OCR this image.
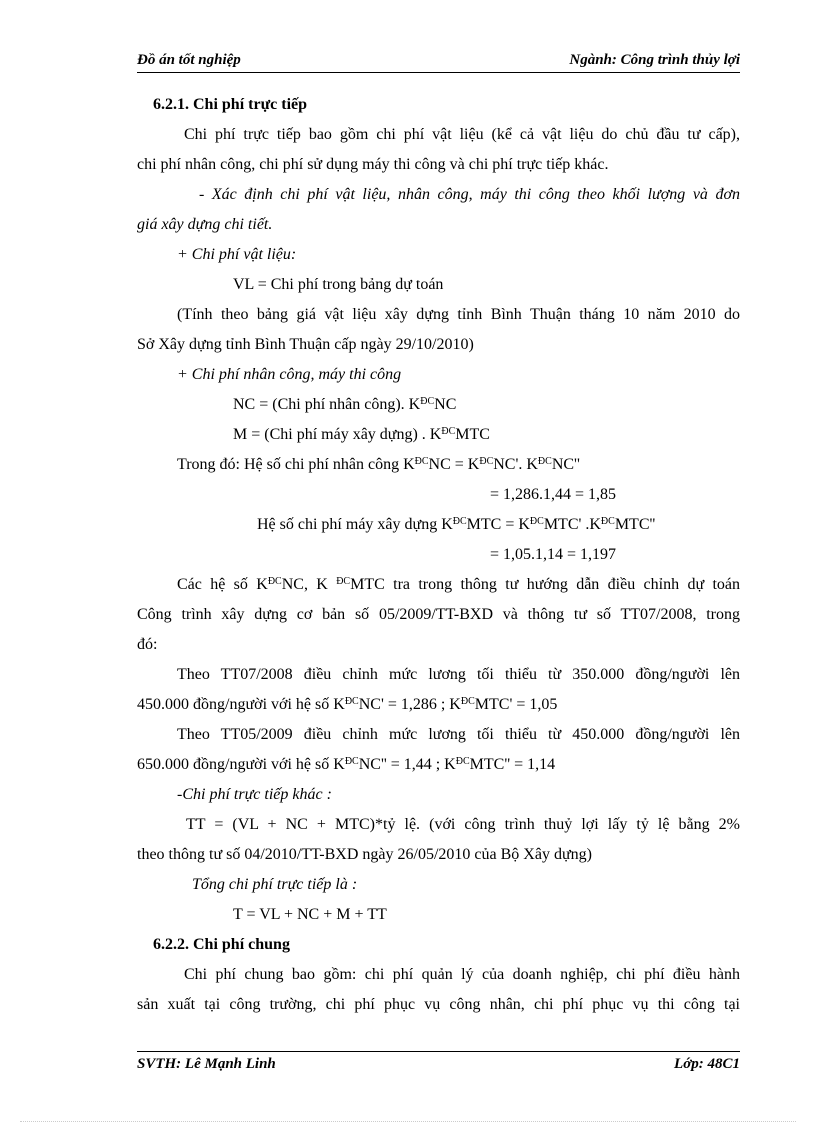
Đồ án tốt nghiệp	Ngành: Công trình thủy lợi
6.2.1. Chi phí trực tiếp
Chi phí trực tiếp bao gồm chi phí vật liệu (kể cả vật liệu do chủ đầu tư cấp),
chi phí nhân công, chi phí sử dụng máy thi công và chi phí trực tiếp khác.
- Xác định chi phí vật liệu, nhân công, máy thi công theo khối lượng và đơn
giá xây dựng chi tiết.
+ Chi phí vật liệu:
VL = Chi phí trong bảng dự toán
(Tính theo bảng giá vật liệu xây dựng tỉnh Bình Thuận tháng 10 năm 2010 do
Sở Xây dựng tỉnh Bình Thuận cấp ngày 29/10/2010)
+ Chi phí nhân công, máy thi công
NC = (Chi phí nhân công). $K^{ĐC}NC$
M = (Chi phí máy xây dựng) . $K^{ĐC}MTC$
Trong đó: Hệ số chi phí nhân công $K^{ĐC}NC = K^{ĐC}NC'$. $K^{ĐC}NC''$
= 1,286.1,44 = 1,85
Hệ số chi phí máy xây dựng $K^{ĐC}MTC = K^{ĐC}MTC'$ $.K^{ĐC}MTC''$
= 1,05.1,14 = 1,197
Các hệ số $K^{ĐC}NC$, K $^{ĐC}$MTC tra trong thông tư hướng dẫn điều chỉnh dự toán
Công trình xây dựng cơ bản số 05/2009/TT-BXD và thông tư số TT07/2008, trong
đó:
Theo TT07/2008 điều chỉnh mức lương tối thiểu từ 350.000 đồng/người lên
450.000 đồng/người với hệ số $K^{ĐC}NC' = 1,286$ ; $K^{ĐC}MTC' = 1,05$
Theo TT05/2009 điều chỉnh mức lương tối thiểu từ 450.000 đồng/người lên
650.000 đồng/người với hệ số $K^{ĐC}NC'' = 1,44$ ; $K^{ĐC}MTC'' = 1,14$
-Chi phí trực tiếp khác :
TT = (VL + NC + MTC)*tỷ lệ. (với công trình thuỷ lợi lấy tỷ lệ bằng 2%
theo thông tư số 04/2010/TT-BXD ngày 26/05/2010 của Bộ Xây dựng)
Tổng chi phí trực tiếp là :
T = VL + NC + M + TT
6.2.2. Chi phí chung
Chi phí chung bao gồm: chi phí quản lý của doanh nghiệp, chi phí điều hành
sản xuất tại công trường, chi phí phục vụ công nhân, chi phí phục vụ thi công tại
SVTH: Lê Mạnh Linh	Lớp: 48C1
